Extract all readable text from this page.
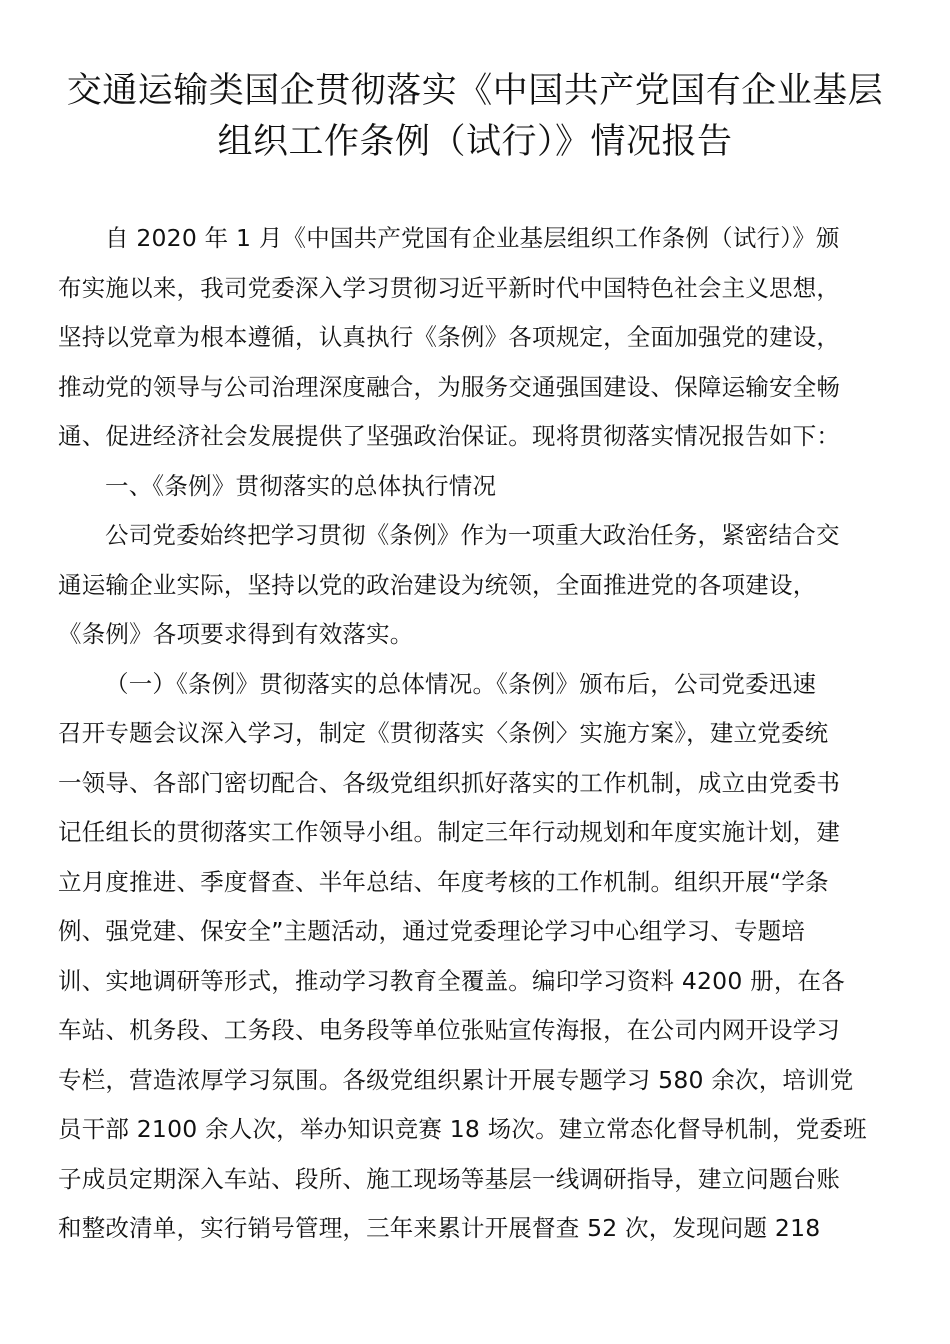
交通运输类国企贯彻落实《中国共产党国有企业基层
组织工作条例（试行）》情况报告
自 2020 年 1 月《中国共产党国有企业基层组织工作条例（试行）》颁
布实施以来，我司党委深入学习贯彻习近平新时代中国特色社会主义思想，
坚持以党章为根本遵循，认真执行《条例》各项规定，全面加强党的建设，
推动党的领导与公司治理深度融合，为服务交通强国建设、保障运输安全畅
通、促进经济社会发展提供了坚强政治保证。现将贯彻落实情况报告如下：
一、《条例》贯彻落实的总体执行情况
公司党委始终把学习贯彻《条例》作为一项重大政治任务，紧密结合交
通运输企业实际，坚持以党的政治建设为统领，全面推进党的各项建设，
《条例》各项要求得到有效落实。
（一）《条例》贯彻落实的总体情况。《条例》颁布后，公司党委迅速
召开专题会议深入学习，制定《贯彻落实〈条例〉实施方案》，建立党委统
一领导、各部门密切配合、各级党组织抓好落实的工作机制，成立由党委书
记任组长的贯彻落实工作领导小组。制定三年行动规划和年度实施计划，建
立月度推进、季度督查、半年总结、年度考核的工作机制。组织开展“学条
例、强党建、保安全”主题活动，通过党委理论学习中心组学习、专题培
训、实地调研等形式，推动学习教育全覆盖。编印学习资料 4200 册，在各
车站、机务段、工务段、电务段等单位张贴宣传海报，在公司内网开设学习
专栏，营造浓厚学习氛围。各级党组织累计开展专题学习 580 余次，培训党
员干部 2100 余人次，举办知识竞赛 18 场次。建立常态化督导机制，党委班
子成员定期深入车站、段所、施工现场等基层一线调研指导，建立问题台账
和整改清单，实行销号管理，三年来累计开展督查 52 次，发现问题 218
